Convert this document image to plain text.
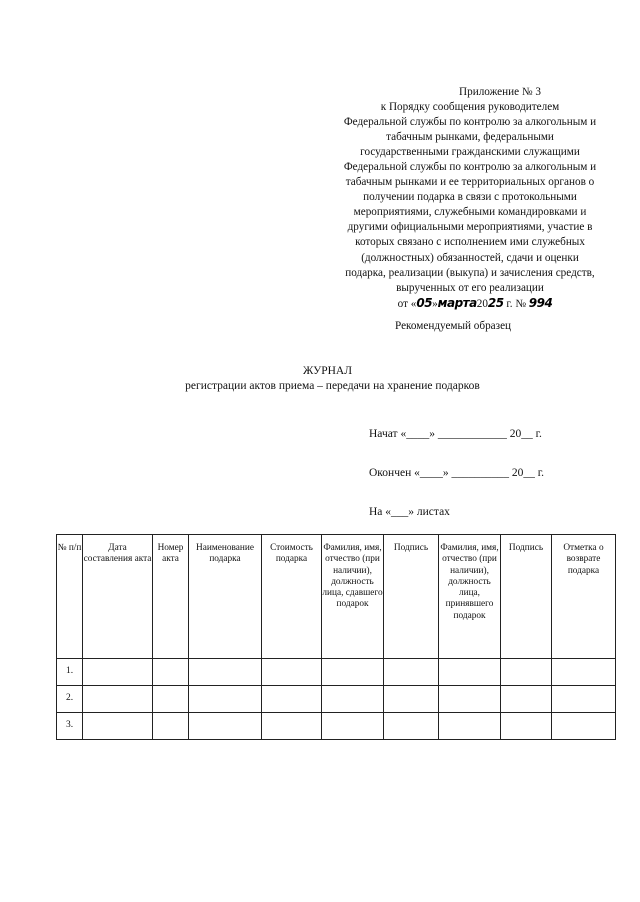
Приложение № 3
к Порядку сообщения руководителем
Федеральной службы по контролю за алкогольным и
табачным рынками, федеральными
государственными гражданскими служащими
Федеральной службы по контролю за алкогольным и
табачным рынками и ее территориальных органов о
получении подарка в связи с протокольными
мероприятиями, служебными командировками и
другими официальными мероприятиями, участие в
которых связано с исполнением ими служебных
(должностных) обязанностей, сдачи и оценки
подарка, реализации (выкупа) и зачисления средств,
вырученных от его реализации
от «05»марта2025 г. № 994
Рекомендуемый образец
ЖУРНАЛ
регистрации актов приема – передачи на хранение подарков
Начат «____» ____________ 20__ г.
Окончен «____» __________ 20__ г.
На «___» листах
№ п/п	Дата составления акта	Номер акта	Наименование подарка	Стоимость подарка	Фамилия, имя, отчество (при наличии), должность лица, сдавшего подарок	Подпись	Фамилия, имя, отчество (при наличии), должность лица, принявшего подарок	Подпись	Отметка о возврате подарка
1.									
2.									
3.									
